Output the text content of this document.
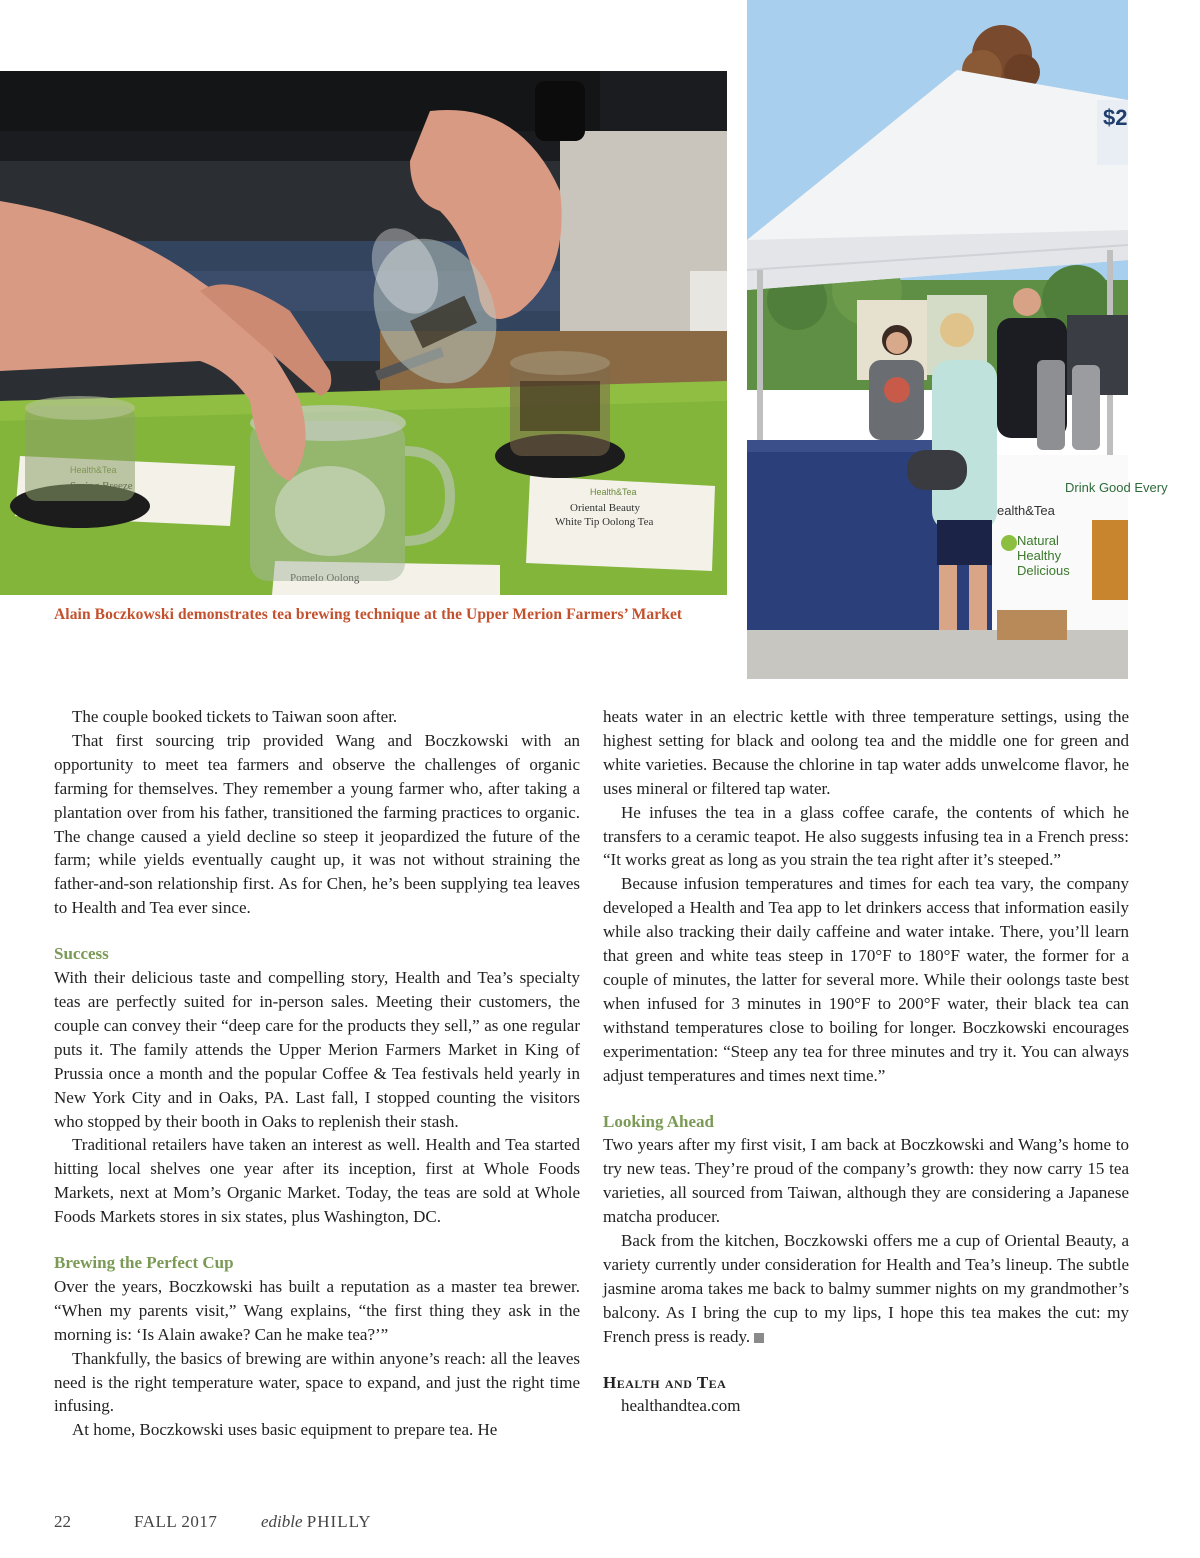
Health&Tea
Oriental Beauty
White Tip Oolong Tea
Alain Boczkowski demonstrates tea brewing technique at the Upper Merion Farmers’ Market
$2
ealth&Tea
Drink Good Every
Natural
Healthy
Delicious

The couple booked tickets to Taiwan soon after.

That first sourcing trip provided Wang and Boczkowski with an opportunity to meet tea farmers and observe the challenges of organic farming for themselves. They remember a young farmer who, after taking a plantation over from his father, transitioned the farming practices to organic. The change caused a yield decline so steep it jeopardized the future of the farm; while yields eventually caught up, it was not without straining the father-and-son relationship first. As for Chen, he’s been supplying tea leaves to Health and Tea ever since.

Success

With their delicious taste and compelling story, Health and Tea’s specialty teas are perfectly suited for in-person sales. Meeting their customers, the couple can convey their “deep care for the products they sell,” as one regular puts it. The family attends the Upper Merion Farmers Market in King of Prussia once a month and the popular Coffee & Tea festivals held yearly in New York City and in Oaks, PA. Last fall, I stopped counting the visitors who stopped by their booth in Oaks to replenish their stash.

Traditional retailers have taken an interest as well. Health and Tea started hitting local shelves one year after its inception, first at Whole Foods Markets, next at Mom’s Organic Market. Today, the teas are sold at Whole Foods Markets stores in six states, plus Washington, DC.

Brewing the Perfect Cup

Over the years, Boczkowski has built a reputation as a master tea brewer. “When my parents visit,” Wang explains, “the first thing they ask in the morning is: ‘Is Alain awake? Can he make tea?’”

Thankfully, the basics of brewing are within anyone’s reach: all the leaves need is the right temperature water, space to expand, and just the right time infusing.

At home, Boczkowski uses basic equipment to prepare tea. He

heats water in an electric kettle with three temperature settings, using the highest setting for black and oolong tea and the middle one for green and white varieties. Because the chlorine in tap water adds unwelcome flavor, he uses mineral or filtered tap water.

He infuses the tea in a glass coffee carafe, the contents of which he transfers to a ceramic teapot. He also suggests infusing tea in a French press: “It works great as long as you strain the tea right after it’s steeped.”

Because infusion temperatures and times for each tea vary, the company developed a Health and Tea app to let drinkers access that information easily while also tracking their daily caffeine and water intake. There, you’ll learn that green and white teas steep in 170°F to 180°F water, the former for a couple of minutes, the latter for several more. While their oolongs taste best when infused for 3 minutes in 190°F to 200°F water, their black tea can withstand temperatures close to boiling for longer. Boczkowski encourages experimentation: “Steep any tea for three minutes and try it. You can always adjust temperatures and times next time.”

Looking Ahead

Two years after my first visit, I am back at Boczkowski and Wang’s home to try new teas. They’re proud of the company’s growth: they now carry 15 tea varieties, all sourced from Taiwan, although they are considering a Japanese matcha producer.

Back from the kitchen, Boczkowski offers me a cup of Oriental Beauty, a variety currently under consideration for Health and Tea’s lineup. The subtle jasmine aroma takes me back to balmy summer nights on my grandmother’s balcony. As I bring the cup to my lips, I hope this tea makes the cut: my French press is ready.

Health and Tea

healthandtea.com

22	FALL 2017	edible PHILLY
